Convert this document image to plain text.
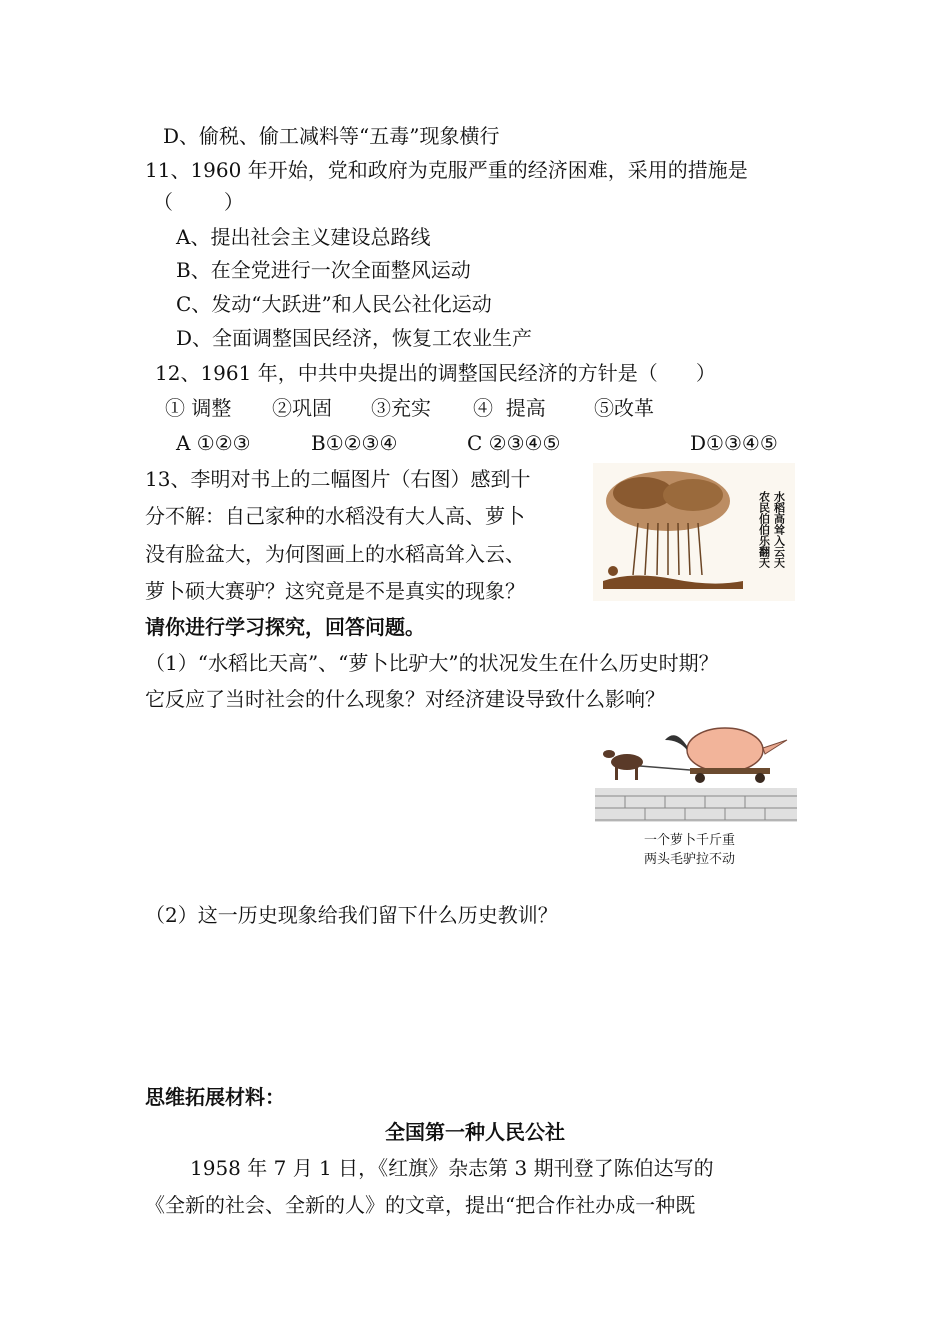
D、偷税、偷工减料等“五毒”现象横行
11、1960 年开始，党和政府为克服严重的经济困难，采用的措施是
（        ）
A、提出社会主义建设总路线
B、在全党进行一次全面整风运动
C、发动“大跃进”和人民公社化运动
D、全面调整国民经济，恢复工农业生产
12、1961 年，中共中央提出的调整国民经济的方针是（      ）
① 调整 ②巩固 ③充实 ④  提高 ⑤改革
A ①②③	B①②③④	C ②③④⑤	D①③④⑤
13、李明对书上的二幅图片（右图）感到十
分不解：自己家种的水稻没有大人高、萝卜
没有脸盆大，为何图画上的水稻高耸入云、
萝卜硕大赛驴？这究竟是不是真实的现象？
请你进行学习探究，回答问题。
（1）“水稻比天高”、“萝卜比驴大”的状况发生在什么历史时期？
它反应了当时社会的什么现象？对经济建设导致什么影响？
（2）这一历史现象给我们留下什么历史教训？
水稻高耸入云天
农民伯伯乐翻天
一个萝卜千斤重
两头毛驴拉不动
思维拓展材料：
全国第一种人民公社
1958 年 7 月 1 日，《红旗》杂志第 3 期刊登了陈伯达写的
《全新的社会、全新的人》的文章，提出“把合作社办成一种既
